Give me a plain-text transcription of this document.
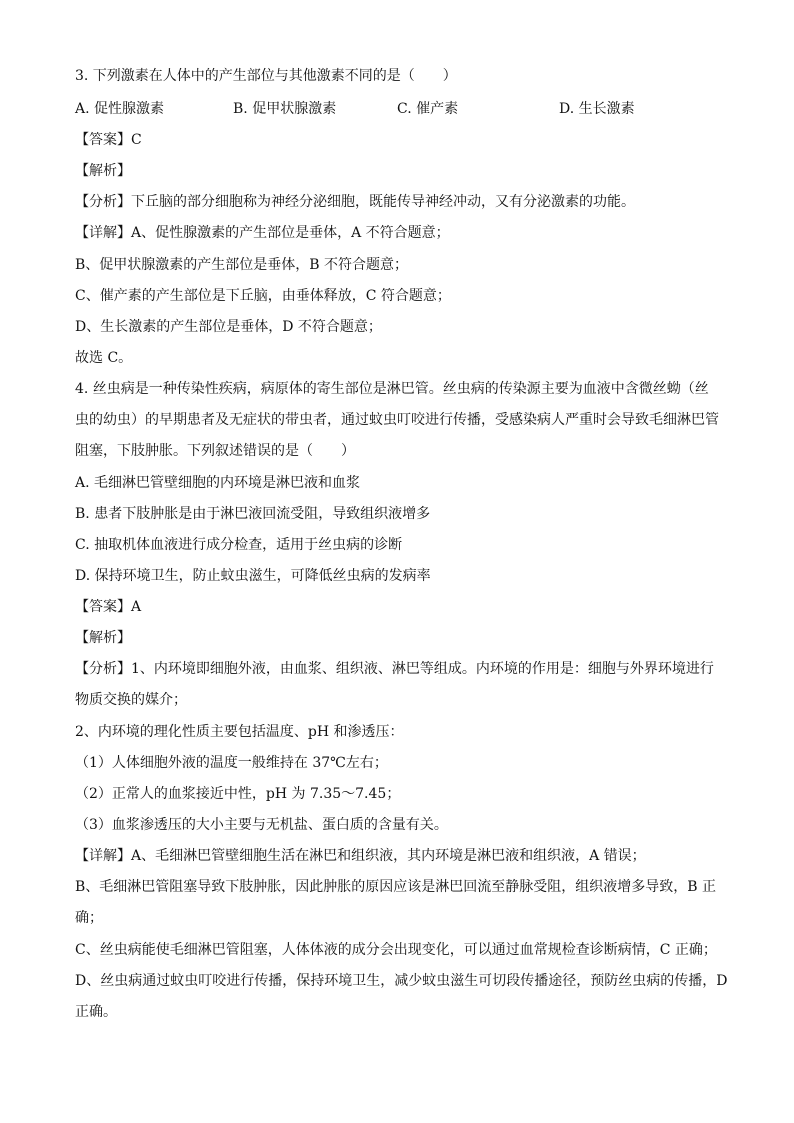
3. 下列激素在人体中的产生部位与其他激素不同的是（　　）
A. 促性腺激素	B. 促甲状腺激素	C. 催产素	D. 生长激素
【答案】C
【解析】
【分析】下丘脑的部分细胞称为神经分泌细胞，既能传导神经冲动，又有分泌激素的功能。
【详解】A、促性腺激素的产生部位是垂体，A 不符合题意；
B、促甲状腺激素的产生部位是垂体，B 不符合题意；
C、催产素的产生部位是下丘脑，由垂体释放，C 符合题意；
D、生长激素的产生部位是垂体，D 不符合题意；
故选 C。
4. 丝虫病是一种传染性疾病，病原体的寄生部位是淋巴管。丝虫病的传染源主要为血液中含微丝蚴（丝
虫的幼虫）的早期患者及无症状的带虫者，通过蚊虫叮咬进行传播，受感染病人严重时会导致毛细淋巴管
阻塞，下肢肿胀。下列叙述错误的是（　　）
A. 毛细淋巴管壁细胞的内环境是淋巴液和血浆
B. 患者下肢肿胀是由于淋巴液回流受阻，导致组织液增多
C. 抽取机体血液进行成分检查，适用于丝虫病的诊断
D. 保持环境卫生，防止蚊虫滋生，可降低丝虫病的发病率
【答案】A
【解析】
【分析】1、内环境即细胞外液，由血浆、组织液、淋巴等组成。内环境的作用是：细胞与外界环境进行
物质交换的媒介；
2、内环境的理化性质主要包括温度、pH 和渗透压：
（1）人体细胞外液的温度一般维持在 37℃左右；
（2）正常人的血浆接近中性，pH 为 7.35～7.45；
（3）血浆渗透压的大小主要与无机盐、蛋白质的含量有关。
【详解】A、毛细淋巴管壁细胞生活在淋巴和组织液，其内环境是淋巴液和组织液，A 错误；
B、毛细淋巴管阻塞导致下肢肿胀，因此肿胀的原因应该是淋巴回流至静脉受阻，组织液增多导致，B 正
确；
C、丝虫病能使毛细淋巴管阻塞，人体体液的成分会出现变化，可以通过血常规检查诊断病情，C 正确；
D、丝虫病通过蚊虫叮咬进行传播，保持环境卫生，减少蚊虫滋生可切段传播途径，预防丝虫病的传播，D
正确。
